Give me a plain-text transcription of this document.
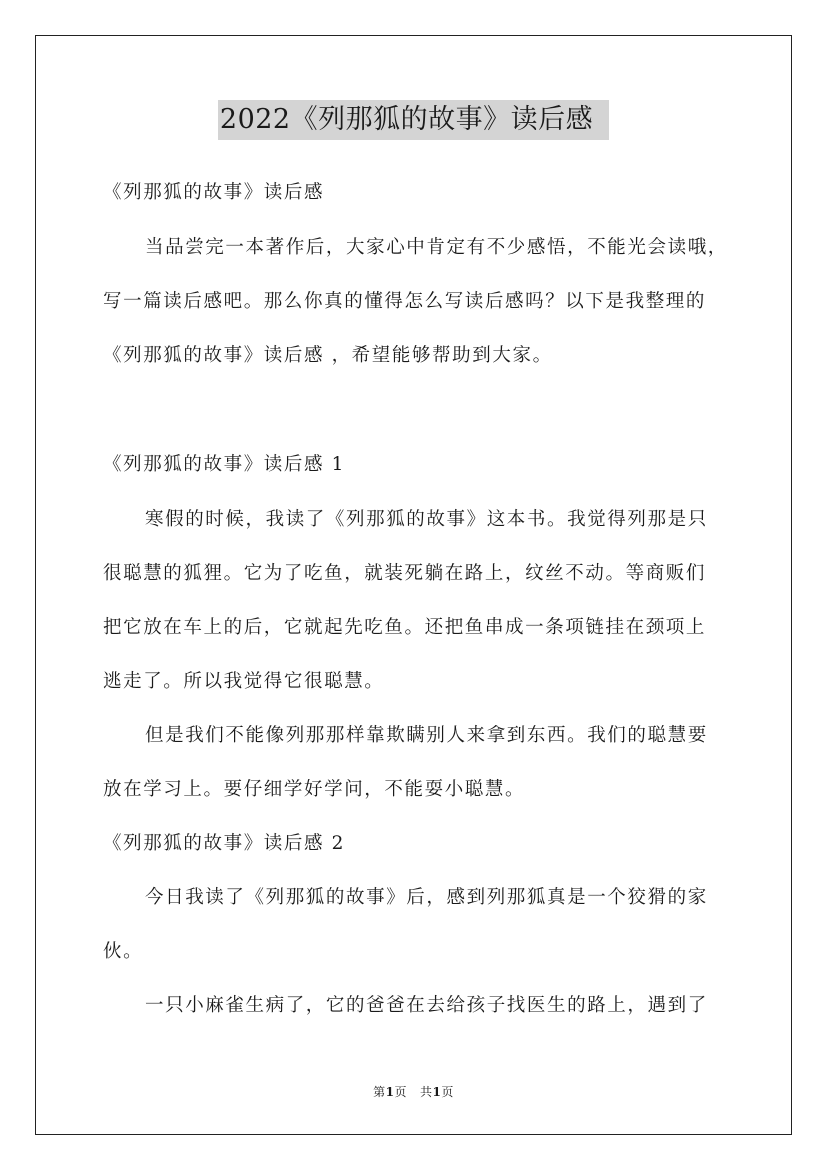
2022《列那狐的故事》读后感
《列那狐的故事》读后感
当品尝完一本著作后，大家心中肯定有不少感悟，不能光会读哦，
写一篇读后感吧。那么你真的懂得怎么写读后感吗？以下是我整理的
《列那狐的故事》读后感 ，希望能够帮助到大家。
《列那狐的故事》读后感 1
寒假的时候，我读了《列那狐的故事》这本书。我觉得列那是只
很聪慧的狐狸。它为了吃鱼，就装死躺在路上，纹丝不动。等商贩们
把它放在车上的后，它就起先吃鱼。还把鱼串成一条项链挂在颈项上
逃走了。所以我觉得它很聪慧。
但是我们不能像列那那样靠欺瞒别人来拿到东西。我们的聪慧要
放在学习上。要仔细学好学问，不能耍小聪慧。
《列那狐的故事》读后感 2
今日我读了《列那狐的故事》后，感到列那狐真是一个狡猾的家
伙。
一只小麻雀生病了，它的爸爸在去给孩子找医生的路上，遇到了
第1页 共1页
